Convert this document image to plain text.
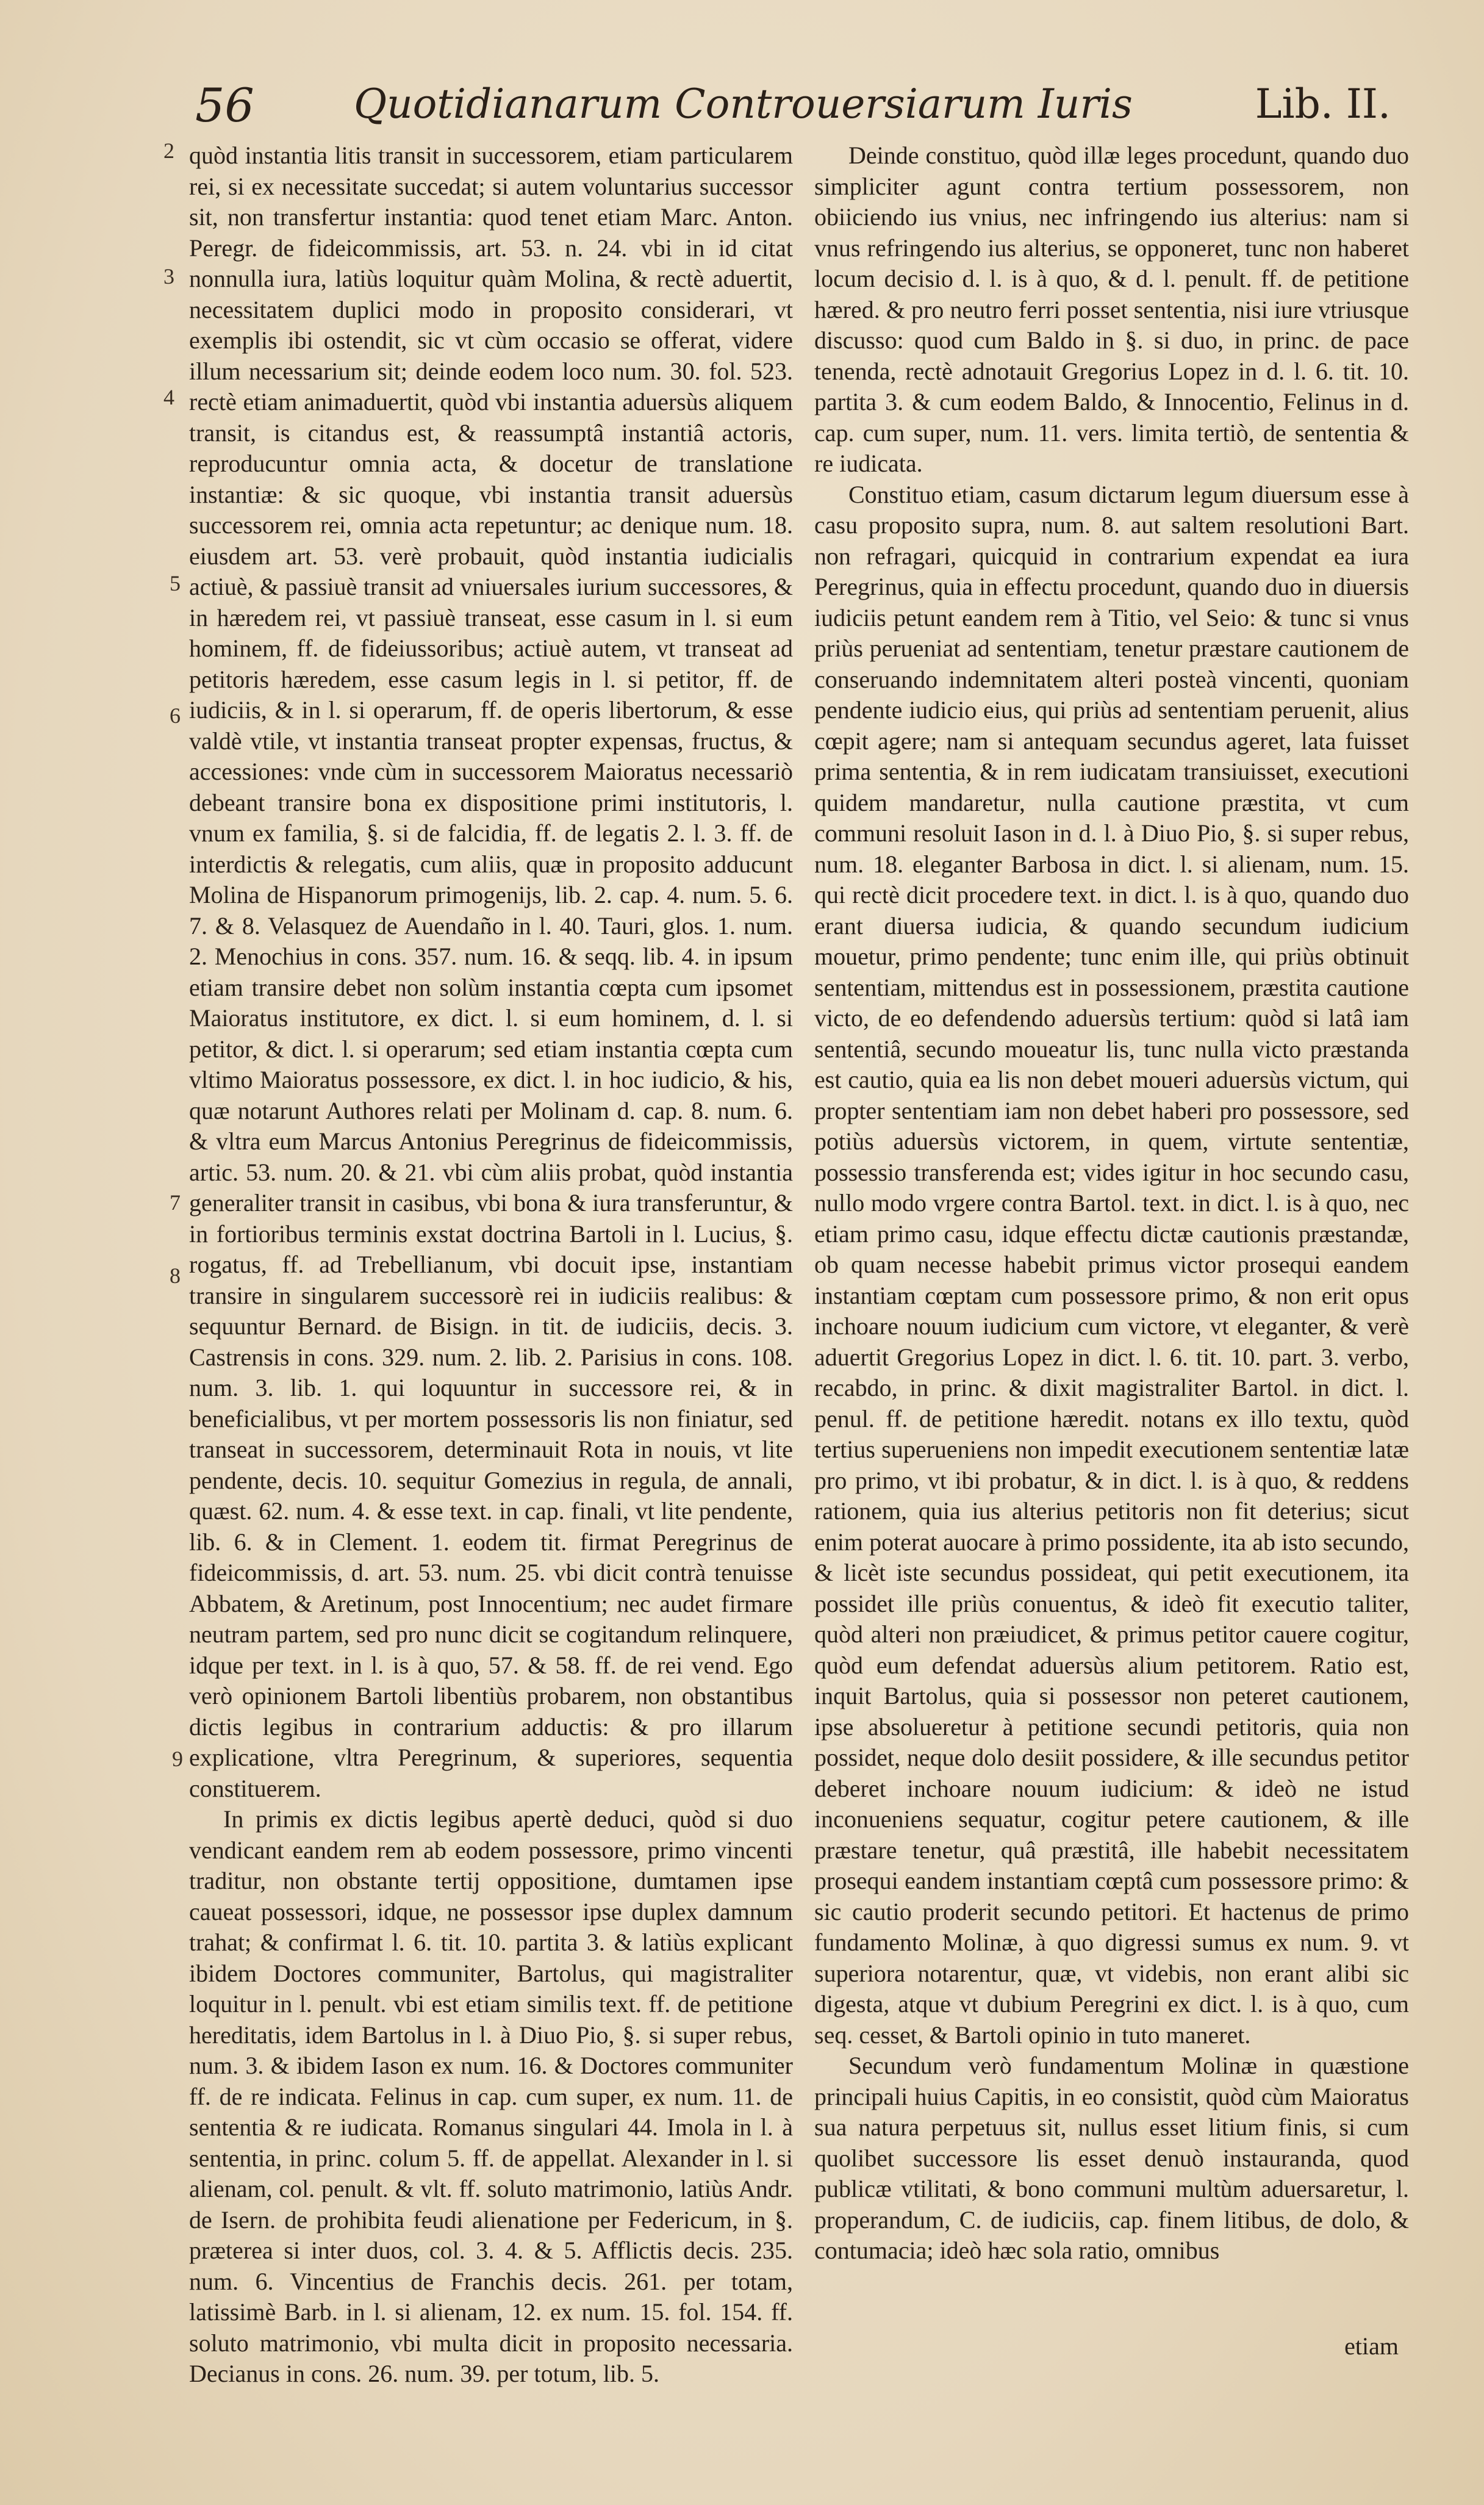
56 Quotidianarum Controuersiarum Iuris	Lib. II.
2
3
4
5
6
7
8
9

quòd instantia litis transit in successorem, etiam particularem rei, si ex necessitate succedat; si autem voluntarius successor sit, non transfertur instantia: quod tenet etiam Marc. Anton. Peregr. de fideicommissis, art. 53. n. 24. vbi in id citat nonnulla iura, latiùs loquitur quàm Molina, & rectè aduertit, necessitatem duplici modo in proposito considerari, vt exemplis ibi ostendit, sic vt cùm occasio se offerat, videre illum necessarium sit; deinde eodem loco num. 30. fol. 523. rectè etiam animaduertit, quòd vbi instantia aduersùs aliquem transit, is citandus est, & reassumptâ instantiâ actoris, reproducuntur omnia acta, & docetur de translatione instantiæ: & sic quoque, vbi instantia transit aduersùs successorem rei, omnia acta repetuntur; ac denique num. 18. eiusdem art. 53. verè probauit, quòd instantia iudicialis actiuè, & passiuè transit ad vniuersales iurium successores, & in hæredem rei, vt passiuè transeat, esse casum in l. si eum hominem, ff. de fideiussoribus; actiuè autem, vt transeat ad petitoris hæredem, esse casum legis in l. si petitor, ff. de iudiciis, & in l. si operarum, ff. de operis libertorum, & esse valdè vtile, vt instantia transeat propter expensas, fructus, & accessiones: vnde cùm in successorem Maioratus necessariò debeant transire bona ex dispositione primi institutoris, l. vnum ex familia, §. si de falcidia, ff. de legatis 2. l. 3. ff. de interdictis & relegatis, cum aliis, quæ in proposito adducunt Molina de Hispanorum primogenijs, lib. 2. cap. 4. num. 5. 6. 7. & 8. Velasquez de Auendaño in l. 40. Tauri, glos. 1. num. 2. Menochius in cons. 357. num. 16. & seqq. lib. 4. in ipsum etiam transire debet non solùm instantia cœpta cum ipsomet Maioratus institutore, ex dict. l. si eum hominem, d. l. si petitor, & dict. l. si operarum; sed etiam instantia cœpta cum vltimo Maioratus possessore, ex dict. l. in hoc iudicio, & his, quæ notarunt Authores relati per Molinam d. cap. 8. num. 6. & vltra eum Marcus Antonius Peregrinus de fideicommissis, artic. 53. num. 20. & 21. vbi cùm aliis probat, quòd instantia generaliter transit in casibus, vbi bona & iura transferuntur, & in fortioribus terminis exstat doctrina Bartoli in l. Lucius, §. rogatus, ff. ad Trebellianum, vbi docuit ipse, instantiam transire in singularem successorè rei in iudiciis realibus: & sequuntur Bernard. de Bisign. in tit. de iudiciis, decis. 3. Castrensis in cons. 329. num. 2. lib. 2. Parisius in cons. 108. num. 3. lib. 1. qui loquuntur in successore rei, & in beneficialibus, vt per mortem possessoris lis non finiatur, sed transeat in successorem, determinauit Rota in nouis, vt lite pendente, decis. 10. sequitur Gomezius in regula, de annali, quæst. 62. num. 4. & esse text. in cap. finali, vt lite pendente, lib. 6. & in Clement. 1. eodem tit. firmat Peregrinus de fideicommissis, d. art. 53. num. 25. vbi dicit contrà tenuisse Abbatem, & Aretinum, post Innocentium; nec audet firmare neutram partem, sed pro nunc dicit se cogitandum relinquere, idque per text. in l. is à quo, 57. & 58. ff. de rei vend. Ego verò opinionem Bartoli libentiùs probarem, non obstantibus dictis legibus in contrarium adductis: & pro illarum explicatione, vltra Peregrinum, & superiores, sequentia constituerem.

In primis ex dictis legibus apertè deduci, quòd si duo vendicant eandem rem ab eodem possessore, primo vincenti traditur, non obstante tertij oppositione, dumtamen ipse caueat possessori, idque, ne possessor ipse duplex damnum trahat; & confirmat l. 6. tit. 10. partita 3. & latiùs explicant ibidem Doctores communiter, Bartolus, qui magistraliter loquitur in l. penult. vbi est etiam similis text. ff. de petitione hereditatis, idem Bartolus in l. à Diuo Pio, §. si super rebus, num. 3. & ibidem Iason ex num. 16. & Doctores communiter ff. de re indicata. Felinus in cap. cum super, ex num. 11. de sententia & re iudicata. Romanus singulari 44. Imola in l. à sententia, in princ. colum 5. ff. de appellat. Alexander in l. si alienam, col. penult. & vlt. ff. soluto matrimonio, latiùs Andr. de Isern. de prohibita feudi alienatione per Federicum, in §. præterea si inter duos, col. 3. 4. & 5. Afflictis decis. 235. num. 6. Vincentius de Franchis decis. 261. per totam, latissimè Barb. in l. si alienam, 12. ex num. 15. fol. 154. ff. soluto matrimonio, vbi multa dicit in proposito necessaria. Decianus in cons. 26. num. 39. per totum, lib. 5.

Deinde constituo, quòd illæ leges procedunt, quando duo simpliciter agunt contra tertium possessorem, non obiiciendo ius vnius, nec infringendo ius alterius: nam si vnus refringendo ius alterius, se opponeret, tunc non haberet locum decisio d. l. is à quo, & d. l. penult. ff. de petitione hæred. & pro neutro ferri posset sententia, nisi iure vtriusque discusso: quod cum Baldo in §. si duo, in princ. de pace tenenda, rectè adnotauit Gregorius Lopez in d. l. 6. tit. 10. partita 3. & cum eodem Baldo, & Innocentio, Felinus in d. cap. cum super, num. 11. vers. limita tertiò, de sententia & re iudicata.

Constituo etiam, casum dictarum legum diuersum esse à casu proposito supra, num. 8. aut saltem resolutioni Bart. non refragari, quicquid in contrarium expendat ea iura Peregrinus, quia in effectu procedunt, quando duo in diuersis iudiciis petunt eandem rem à Titio, vel Seio: & tunc si vnus priùs perueniat ad sententiam, tenetur præstare cautionem de conseruando indemnitatem alteri posteà vincenti, quoniam pendente iudicio eius, qui priùs ad sententiam peruenit, alius cœpit agere; nam si antequam secundus ageret, lata fuisset prima sententia, & in rem iudicatam transiuisset, executioni quidem mandaretur, nulla cautione præstita, vt cum communi resoluit Iason in d. l. à Diuo Pio, §. si super rebus, num. 18. eleganter Barbosa in dict. l. si alienam, num. 15. qui rectè dicit procedere text. in dict. l. is à quo, quando duo erant diuersa iudicia, & quando secundum iudicium mouetur, primo pendente; tunc enim ille, qui priùs obtinuit sententiam, mittendus est in possessionem, præstita cautione victo, de eo defendendo aduersùs tertium: quòd si latâ iam sententiâ, secundo moueatur lis, tunc nulla victo præstanda est cautio, quia ea lis non debet moueri aduersùs victum, qui propter sententiam iam non debet haberi pro possessore, sed potiùs aduersùs victorem, in quem, virtute sententiæ, possessio transferenda est; vides igitur in hoc secundo casu, nullo modo vrgere contra Bartol. text. in dict. l. is à quo, nec etiam primo casu, idque effectu dictæ cautionis præstandæ, ob quam necesse habebit primus victor prosequi eandem instantiam cœptam cum possessore primo, & non erit opus inchoare nouum iudicium cum victore, vt eleganter, & verè aduertit Gregorius Lopez in dict. l. 6. tit. 10. part. 3. verbo, recabdo, in princ. & dixit magistraliter Bartol. in dict. l. penul. ff. de petitione hæredit. notans ex illo textu, quòd tertius superueniens non impedit executionem sententiæ latæ pro primo, vt ibi probatur, & in dict. l. is à quo, & reddens rationem, quia ius alterius petitoris non fit deterius; sicut enim poterat auocare à primo possidente, ita ab isto secundo, & licèt iste secundus possideat, qui petit executionem, ita possidet ille priùs conuentus, & ideò fit executio taliter, quòd alteri non præiudicet, & primus petitor cauere cogitur, quòd eum defendat aduersùs alium petitorem. Ratio est, inquit Bartolus, quia si possessor non peteret cautionem, ipse absolueretur à petitione secundi petitoris, quia non possidet, neque dolo desiit possidere, & ille secundus petitor deberet inchoare nouum iudicium: & ideò ne istud inconueniens sequatur, cogitur petere cautionem, & ille præstare tenetur, quâ præstitâ, ille habebit necessitatem prosequi eandem instantiam cœptâ cum possessore primo: & sic cautio proderit secundo petitori. Et hactenus de primo fundamento Molinæ, à quo digressi sumus ex num. 9. vt superiora notarentur, quæ, vt videbis, non erant alibi sic digesta, atque vt dubium Peregrini ex dict. l. is à quo, cum seq. cesset, & Bartoli opinio in tuto maneret.

Secundum verò fundamentum Molinæ in quæstione principali huius Capitis, in eo consistit, quòd cùm Maioratus sua natura perpetuus sit, nullus esset litium finis, si cum quolibet successore lis esset denuò instauranda, quod publicæ vtilitati, & bono communi multùm aduersaretur, l. properandum, C. de iudiciis, cap. finem litibus, de dolo, & contumacia; ideò hæc sola ratio, omnibus

etiam
